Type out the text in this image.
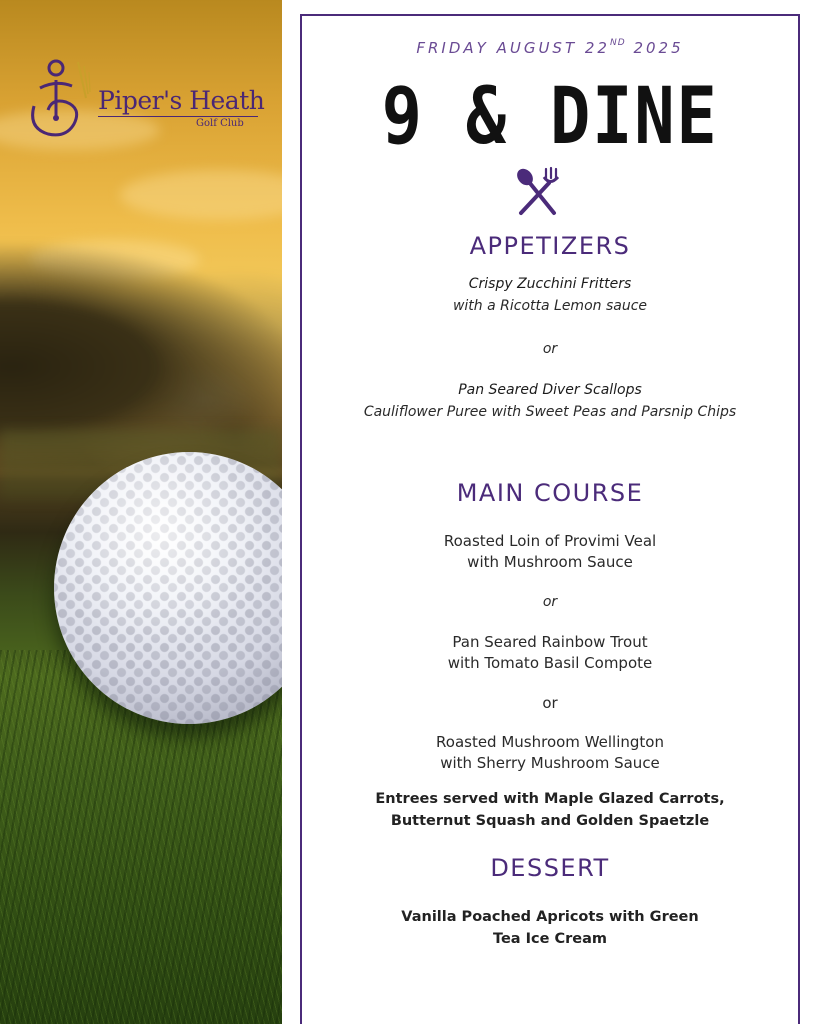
Piper's Heath
Golf Club
FRIDAY AUGUST 22ND 2025
9 & DINE
APPETIZERS
Crispy Zucchini Fritters
with a Ricotta Lemon sauce
or
Pan Seared Diver Scallops
Cauliflower Puree with Sweet Peas and Parsnip Chips
MAIN COURSE
Roasted Loin of Provimi Veal
with Mushroom Sauce
or
Pan Seared Rainbow Trout
with Tomato Basil Compote
or
Roasted Mushroom Wellington
with Sherry Mushroom Sauce
Entrees served with Maple Glazed Carrots,
Butternut Squash and Golden Spaetzle
DESSERT
Vanilla Poached Apricots with Green
Tea Ice Cream
